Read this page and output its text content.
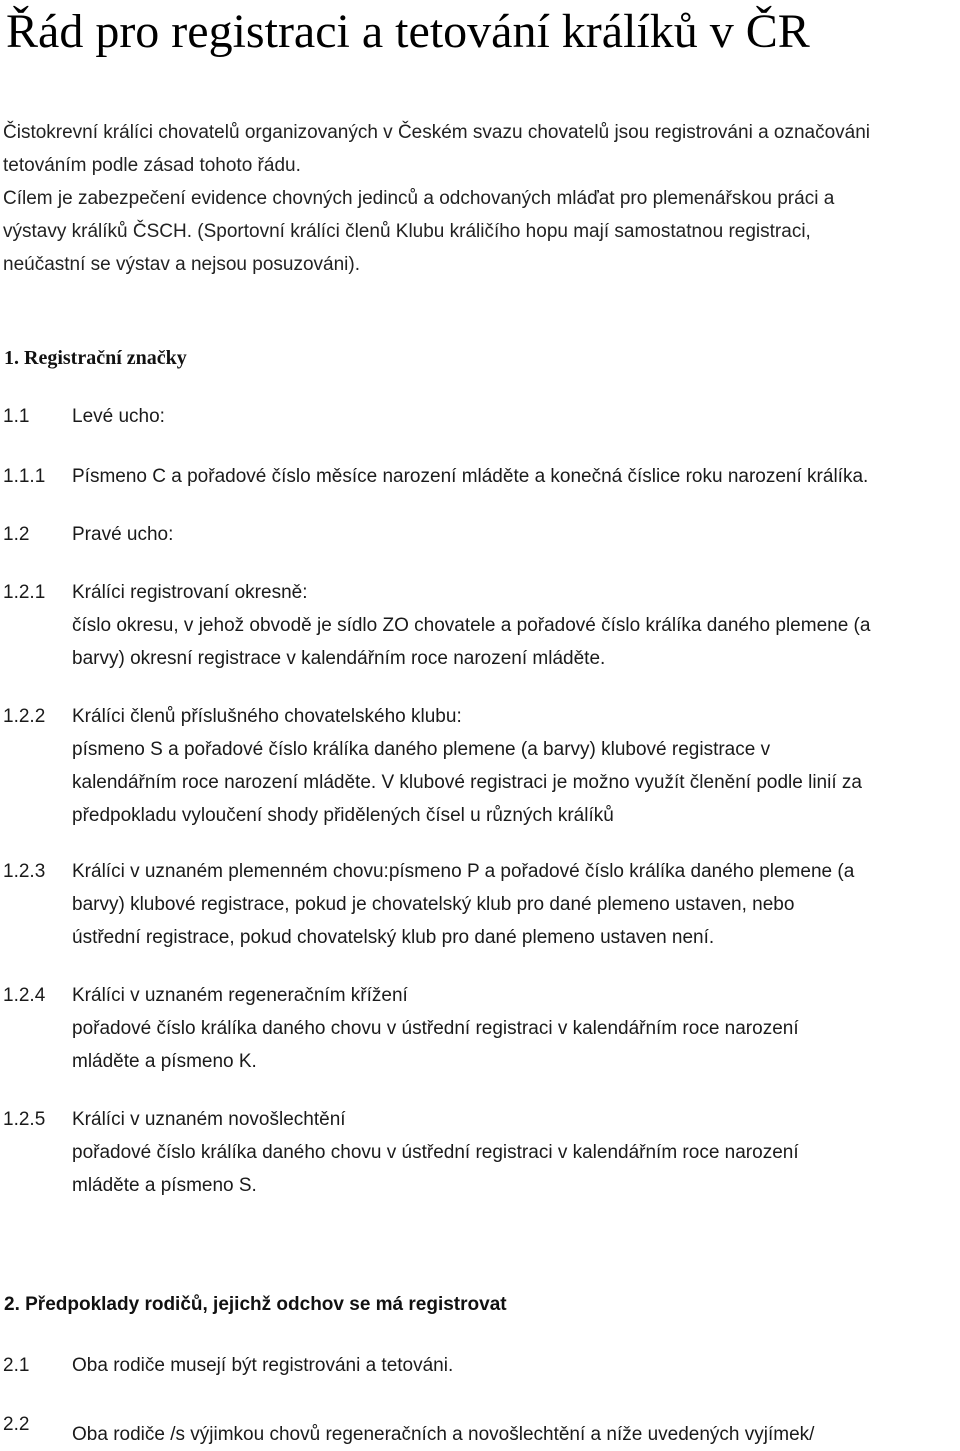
Řád pro registraci a tetování králíků v ČR
Čistokrevní králíci chovatelů organizovaných v Českém svazu chovatelů jsou registrováni a označováni
tetováním podle zásad tohoto řádu.
Cílem je zabezpečení evidence chovných jedinců a odchovaných mláďat pro plemenářskou práci a
výstavy králíků ČSCH. (Sportovní králíci členů Klubu králičího hopu mají samostatnou registraci,
neúčastní se výstav a nejsou posuzováni).
1. Registrační značky
1.1 Levé ucho:
1.1.1 Písmeno C a pořadové číslo měsíce narození mláděte a konečná číslice roku narození králíka.
1.2 Pravé ucho:
1.2.1 Králíci registrovaní okresně:
číslo okresu, v jehož obvodě je sídlo ZO chovatele a pořadové číslo králíka daného plemene (a
barvy) okresní registrace v kalendářním roce narození mláděte.
1.2.2 Králíci členů příslušného chovatelského klubu:
písmeno S a pořadové číslo králíka daného plemene (a barvy) klubové registrace v
kalendářním roce narození mláděte. V klubové registraci je možno využít členění podle linií za
předpokladu vyloučení shody přidělených čísel u různých králíků
1.2.3 Králíci v uznaném plemenném chovu:písmeno P a pořadové číslo králíka daného plemene (a
barvy) klubové registrace, pokud je chovatelský klub pro dané plemeno ustaven, nebo
ústřední registrace, pokud chovatelský klub pro dané plemeno ustaven není.
1.2.4 Králíci v uznaném regeneračním křížení
pořadové číslo králíka daného chovu v ústřední registraci v kalendářním roce narození
mláděte a písmeno K.
1.2.5 Králíci v uznaném novošlechtění
pořadové číslo králíka daného chovu v ústřední registraci v kalendářním roce narození
mláděte a písmeno S.
2. Předpoklady rodičů, jejichž odchov se má registrovat
2.1 Oba rodiče musejí být registrováni a tetováni.
2.2 Oba rodiče /s výjimkou chovů regeneračních a novošlechtění a níže uvedených vyjímek/
